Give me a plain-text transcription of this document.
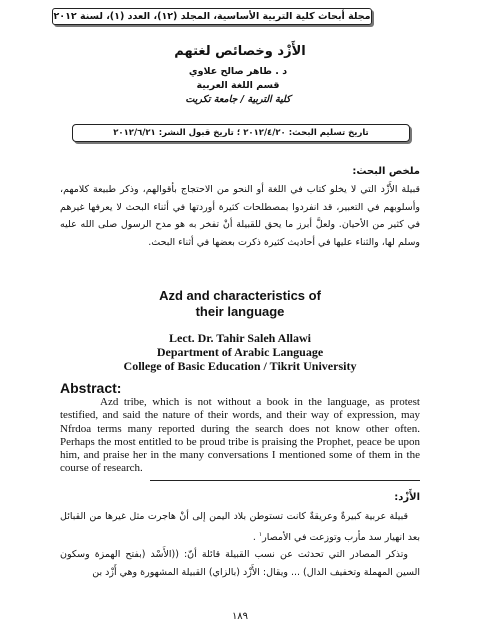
مجلة أبحاث كلية التربية الأساسية، المجلد (١٢)، العدد (١)، لسنة ٢٠١٢
الأَزْد وخصائص لغتهم
د . طاهر صالح علاوي
قسم اللغة العربية
كلية التربية / جامعة تكريت
تاريخ تسليم البحث: ٢٠١٢/٤/٢٠ ؛ تاريخ قبول النشر: ٢٠١٢/٦/٢١
ملخص البحث:
قبيلة الأَزْد التي لا يخلو كتاب في اللغة أو النحو من الاحتجاج بأقوالهم، وذكر طبيعة كلامهم، وأسلوبهم في التعبير، قد انفردوا بمصطلحات كثيرة أوردتها في أثناء البحث لا يعرفها غيرهم في كثير من الأحيان. ولعلَّ أبرز ما يحق للقبيلة أنْ تفخر به هو مدح الرسول صلى الله عليه وسلم لها، والثناء عليها في أحاديث كثيرة ذكرت بعضها في أثناء البحث.
Azd and characteristics of
their language
Lect. Dr. Tahir Saleh Allawi
Department of Arabic Language
College of Basic Education / Tikrit University
Abstract:
Azd tribe, which is not without a book in the language, as protest testified, and said the nature of their words, and their way of expression, may Nfrdoa terms many reported during the search does not know other often. Perhaps the most entitled to be proud tribe is praising the Prophet, peace be upon him, and praise her in the many conversations I mentioned some of them in the course of research.
الأَزْد:
قبيلة عربية كبيرةٌ وعريقةٌ كانت تستوطن بلاد اليمن إلى أنْ هاجرت مثل غيرها من القبائل بعد انهيار سد مأرب وتوزعت في الأمصار$^١$ .
وتذكر المصادر التي تحدثت عن نسب القبيلة قائلة أنّ: ((الأَسْد (بفتح الهمزة وسكون السين المهملة وتخفيف الدال) ... ويقال: الأَزْد (بالزاي) القبيلة المشهورة وهي أَزْد بن
١٨٩
